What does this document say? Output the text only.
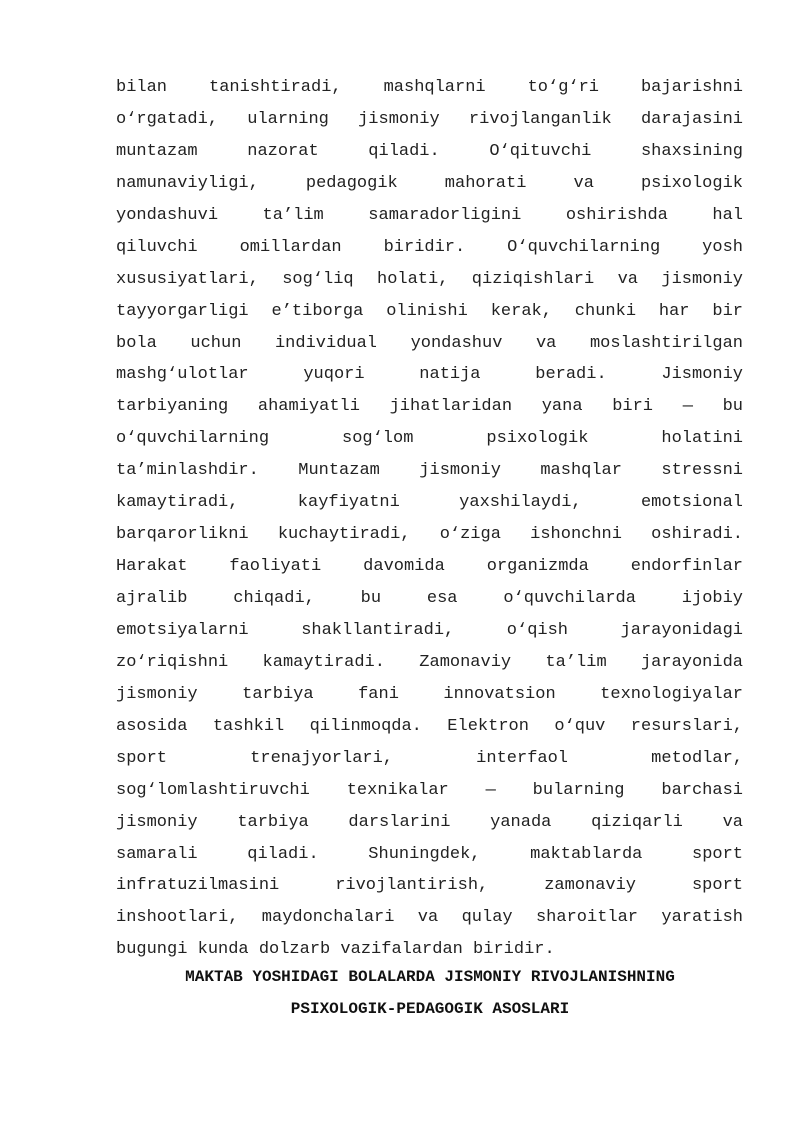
bilan tanishtiradi, mashqlarni to‘g‘ri bajarishni
o‘rgatadi, ularning jismoniy rivojlanganlik darajasini
muntazam nazorat qiladi. O‘qituvchi shaxsining
namunaviyligi, pedagogik mahorati va psixologik
yondashuvi ta’lim samaradorligini oshirishda hal
qiluvchi omillardan biridir. O‘quvchilarning yosh
xususiyatlari, sog‘liq holati, qiziqishlari va jismoniy
tayyorgarligi e’tiborga olinishi kerak, chunki har bir
bola uchun individual yondashuv va moslashtirilgan
mashg‘ulotlar yuqori natija beradi. Jismoniy
tarbiyaning ahamiyatli jihatlaridan yana biri — bu
o‘quvchilarning sog‘lom psixologik holatini
ta’minlashdir. Muntazam jismoniy mashqlar stressni
kamaytiradi, kayfiyatni yaxshilaydi, emotsional
barqarorlikni kuchaytiradi, o‘ziga ishonchni oshiradi.
Harakat faoliyati davomida organizmda endorfinlar
ajralib chiqadi, bu esa o‘quvchilarda ijobiy
emotsiyalarni shakllantiradi, o‘qish jarayonidagi
zo‘riqishni kamaytiradi. Zamonaviy ta’lim jarayonida
jismoniy tarbiya fani innovatsion texnologiyalar
asosida tashkil qilinmoqda. Elektron o‘quv resurslari,
sport trenajyorlari, interfaol metodlar,
sog‘lomlashtiruvchi texnikalar — bularning barchasi
jismoniy tarbiya darslarini yanada qiziqarli va
samarali qiladi. Shuningdek, maktablarda sport
infratuzilmasini rivojlantirish, zamonaviy sport
inshootlari, maydonchalari va qulay sharoitlar yaratish
bugungi kunda dolzarb vazifalardan biridir.
MAKTAB YOSHIDAGI BOLALARDA JISMONIY RIVOJLANISHNING
PSIXOLOGIK-PEDAGOGIK ASOSLARI
